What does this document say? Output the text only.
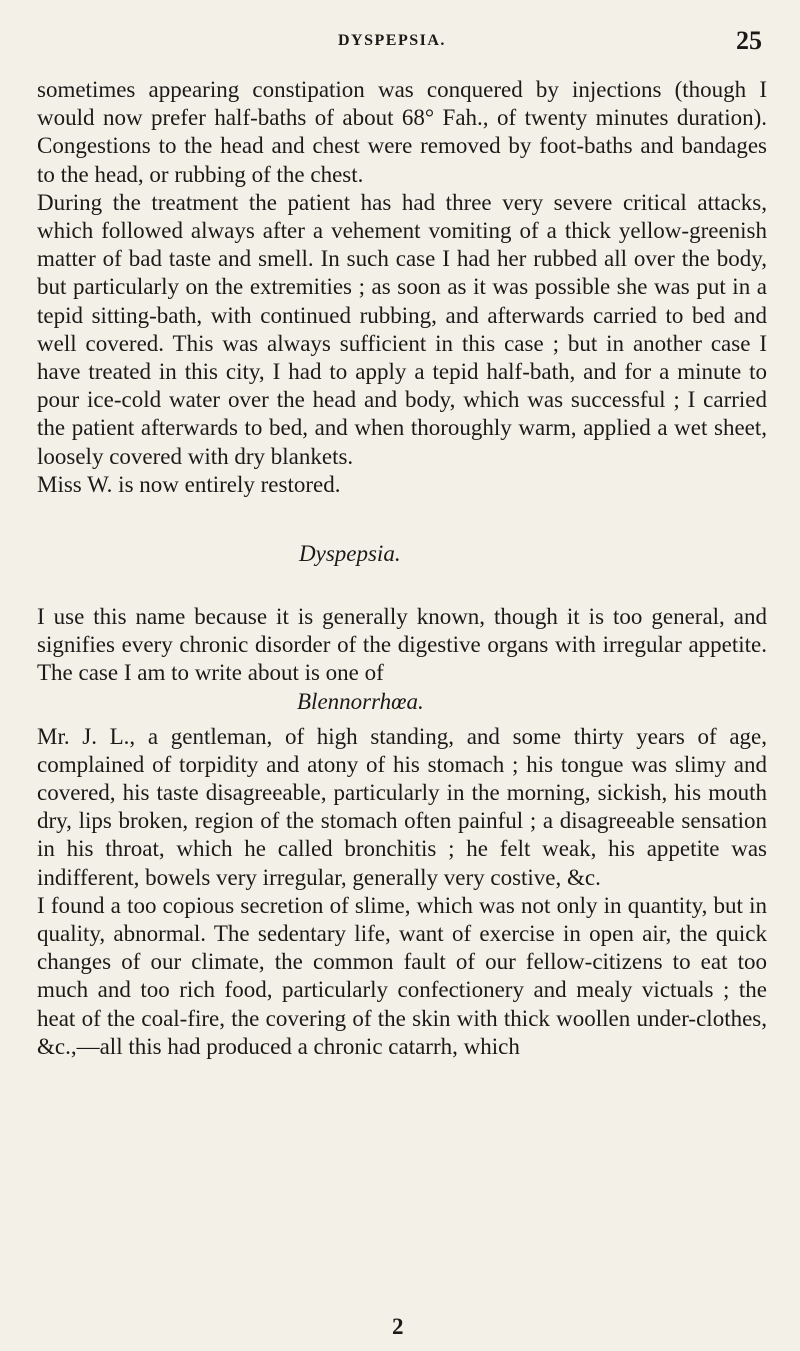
DYSPEPSIA.	25

sometimes appearing constipation was conquered by injections (though I would now prefer half-baths of about 68° Fah., of twenty minutes duration). Congestions to the head and chest were removed by foot-baths and bandages to the head, or rubbing of the chest.

During the treatment the patient has had three very severe critical attacks, which followed always after a vehement vomiting of a thick yellow-greenish matter of bad taste and smell. In such case I had her rubbed all over the body, but particularly on the extremities ; as soon as it was possible she was put in a tepid sitting-bath, with continued rubbing, and afterwards carried to bed and well covered. This was always sufficient in this case ; but in another case I have treated in this city, I had to apply a tepid half-bath, and for a minute to pour ice-cold water over the head and body, which was successful ; I carried the patient afterwards to bed, and when thoroughly warm, applied a wet sheet, loosely covered with dry blankets.

Miss W. is now entirely restored.

Dyspepsia.

I use this name because it is generally known, though it is too general, and signifies every chronic disorder of the digestive organs with irregular appetite. The case I am to write about is one of

Blennorrhœa.

Mr. J. L., a gentleman, of high standing, and some thirty years of age, complained of torpidity and atony of his stomach ; his tongue was slimy and covered, his taste disagreeable, particularly in the morning, sickish, his mouth dry, lips broken, region of the stomach often painful ; a disagreeable sensation in his throat, which he called bronchitis ; he felt weak, his appetite was indifferent, bowels very irregular, generally very costive, &c.

I found a too copious secretion of slime, which was not only in quantity, but in quality, abnormal. The sedentary life, want of exercise in open air, the quick changes of our climate, the common fault of our fellow-citizens to eat too much and too rich food, particularly confectionery and mealy victuals ; the heat of the coal-fire, the covering of the skin with thick woollen under-clothes, &c.,—all this had produced a chronic catarrh, which

2
